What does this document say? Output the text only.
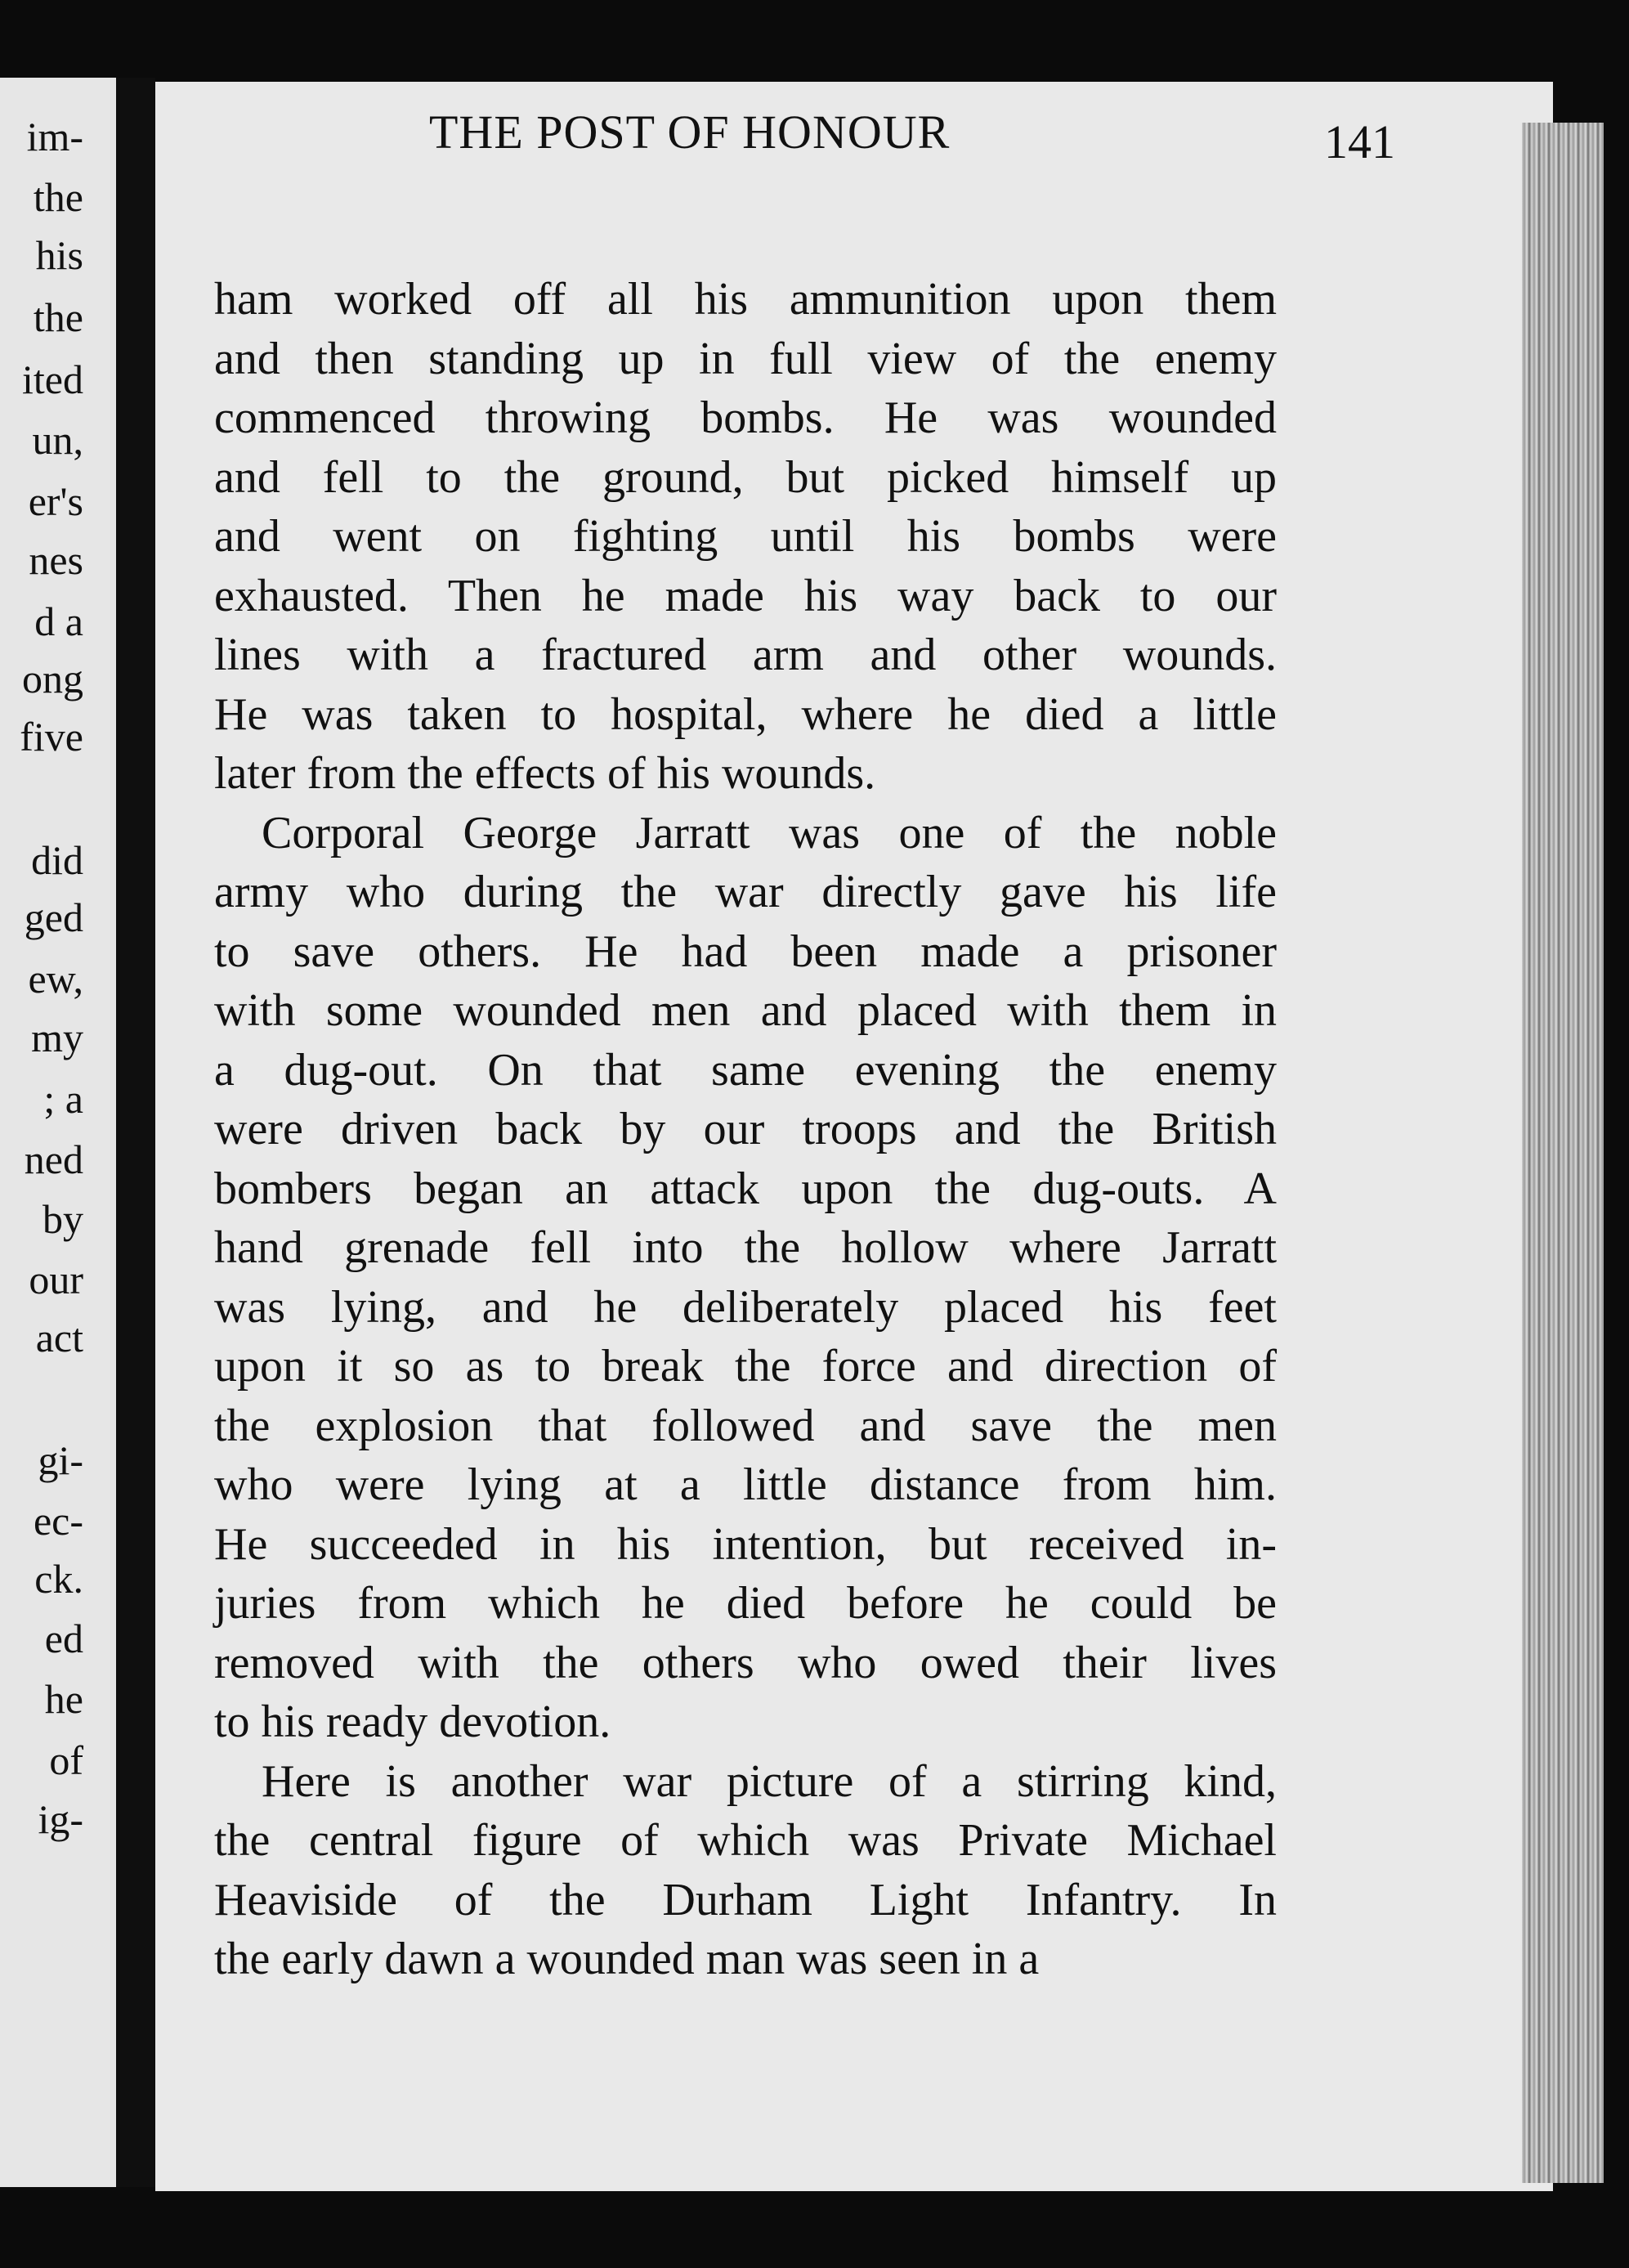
im-
the
his
the
ited
un,
er's
nes
d a
ong
five
did
ged
ew,
my
; a
ned
by
our
act
gi-
ec-
ck.
ed
he
of
ig-
THE POST OF HONOUR	141
ham worked off all his ammunition upon them
and then standing up in full view of the enemy
commenced throwing bombs. He was wounded
and fell to the ground, but picked himself up
and went on fighting until his bombs were
exhausted. Then he made his way back to our
lines with a fractured arm and other wounds.
He was taken to hospital, where he died a little
later from the effects of his wounds.
Corporal George Jarratt was one of the noble
army who during the war directly gave his life
to save others. He had been made a prisoner
with some wounded men and placed with them in
a dug-out. On that same evening the enemy
were driven back by our troops and the British
bombers began an attack upon the dug-outs. A
hand grenade fell into the hollow where Jarratt
was lying, and he deliberately placed his feet
upon it so as to break the force and direction of
the explosion that followed and save the men
who were lying at a little distance from him.
He succeeded in his intention, but received in-
juries from which he died before he could be
removed with the others who owed their lives
to his ready devotion.
Here is another war picture of a stirring kind,
the central figure of which was Private Michael
Heaviside of the Durham Light Infantry. In
the early dawn a wounded man was seen in a
